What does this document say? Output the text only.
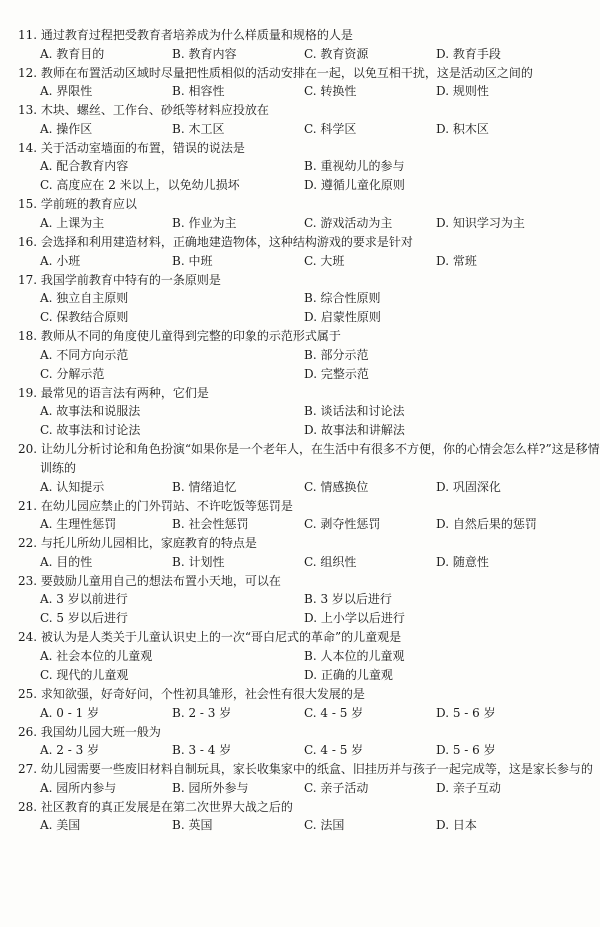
11. 通过教育过程把受教育者培养成为什么样质量和规格的人是
A. 教育目的	B. 教育内容	C. 教育资源	D. 教育手段
12. 教师在布置活动区域时尽量把性质相似的活动安排在一起，以免互相干扰，这是活动区之间的
A. 界限性	B. 相容性	C. 转换性	D. 规则性
13. 木块、螺丝、工作台、砂纸等材料应投放在
A. 操作区	B. 木工区	C. 科学区	D. 积木区
14. 关于活动室墙面的布置，错误的说法是
A. 配合教育内容	B. 重视幼儿的参与
C. 高度应在 2 米以上，以免幼儿损坏	D. 遵循儿童化原则
15. 学前班的教育应以
A. 上课为主	B. 作业为主	C. 游戏活动为主	D. 知识学习为主
16. 会选择和利用建造材料，正确地建造物体，这种结构游戏的要求是针对
A. 小班	B. 中班	C. 大班	D. 常班
17. 我国学前教育中特有的一条原则是
A. 独立自主原则	B. 综合性原则
C. 保教结合原则	D. 启蒙性原则
18. 教师从不同的角度使儿童得到完整的印象的示范形式属于
A. 不同方向示范	B. 部分示范
C. 分解示范	D. 完整示范
19. 最常见的语言法有两种，它们是
A. 故事法和说服法	B. 谈话法和讨论法
C. 故事法和讨论法	D. 故事法和讲解法
20. 让幼儿分析讨论和角色扮演“如果你是一个老年人，在生活中有很多不方便，你的心情会怎么样?”这是移情训练的
A. 认知提示	B. 情绪追忆	C. 情感换位	D. 巩固深化
21. 在幼儿园应禁止的门外罚站、不许吃饭等惩罚是
A. 生理性惩罚	B. 社会性惩罚	C. 剥夺性惩罚	D. 自然后果的惩罚
22. 与托儿所幼儿园相比，家庭教育的特点是
A. 目的性	B. 计划性	C. 组织性	D. 随意性
23. 要鼓励儿童用自己的想法布置小天地，可以在
A. 3 岁以前进行	B. 3 岁以后进行
C. 5 岁以后进行	D. 上小学以后进行
24. 被认为是人类关于儿童认识史上的一次“哥白尼式的革命”的儿童观是
A. 社会本位的儿童观	B. 人本位的儿童观
C. 现代的儿童观	D. 正确的儿童观
25. 求知欲强，好奇好问，个性初具雏形，社会性有很大发展的是
A. 0 - 1 岁	B. 2 - 3 岁	C. 4 - 5 岁	D. 5 - 6 岁
26. 我国幼儿园大班一般为
A. 2 - 3 岁	B. 3 - 4 岁	C. 4 - 5 岁	D. 5 - 6 岁
27. 幼儿园需要一些废旧材料自制玩具，家长收集家中的纸盒、旧挂历并与孩子一起完成等，这是家长参与的
A. 园所内参与	B. 园所外参与	C. 亲子活动	D. 亲子互动
28. 社区教育的真正发展是在第二次世界大战之后的
A. 美国	B. 英国	C. 法国	D. 日本
